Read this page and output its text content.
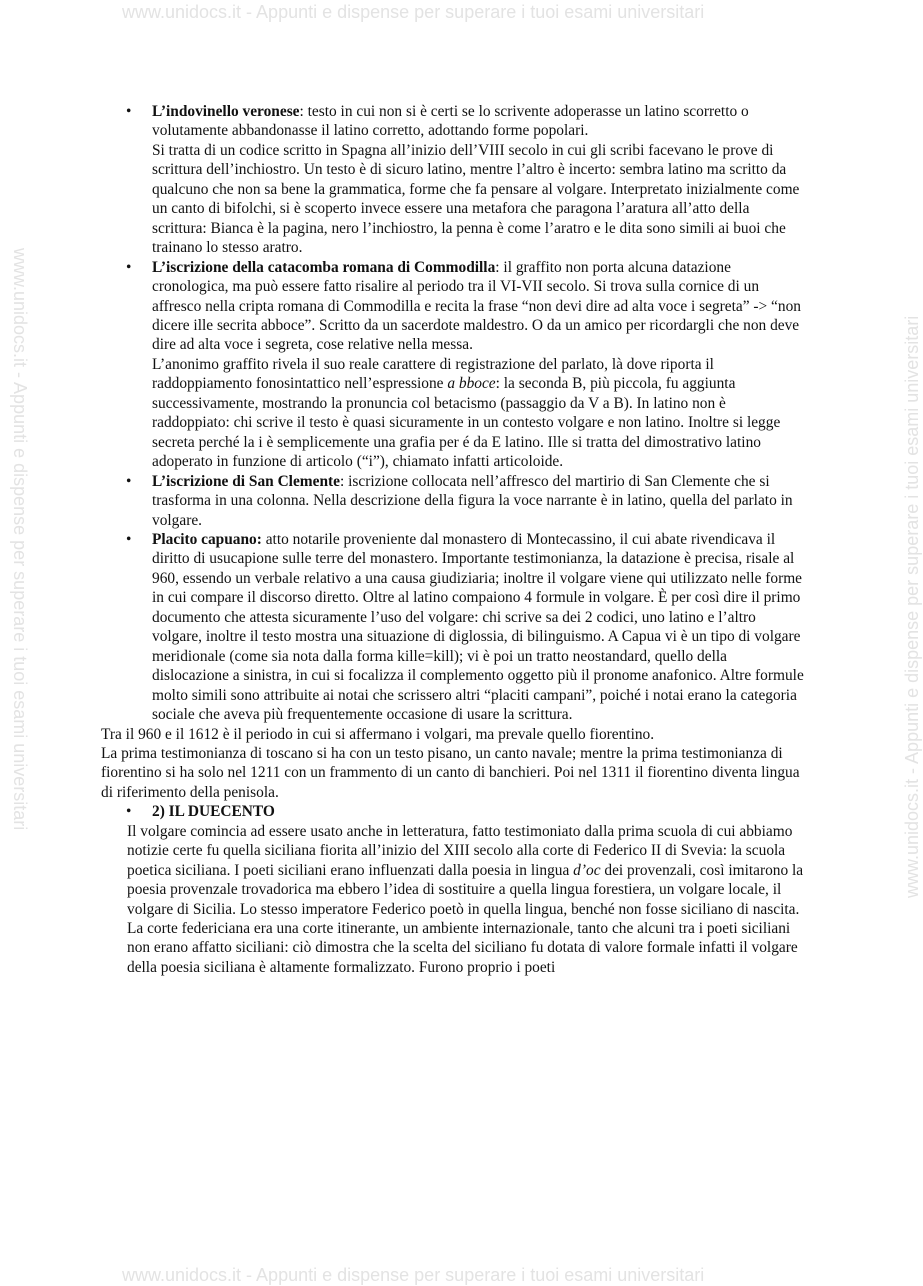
www.unidocs.it - Appunti e dispense per superare i tuoi esami universitari
www.unidocs.it - Appunti e dispense per superare i tuoi esami universitari
www.unidocs.it - Appunti e dispense per superare i tuoi esami universitari	www.unidocs.it - Appunti e dispense per superare i tuoi esami universitari
• L’indovinello veronese: testo in cui non si è certi se lo scrivente adoperasse un latino scorretto o volutamente abbandonasse il latino corretto, adottando forme popolari.
Si tratta di un codice scritto in Spagna all’inizio dell’VIII secolo in cui gli scribi facevano le prove di scrittura dell’inchiostro. Un testo è di sicuro latino, mentre l’altro è incerto: sembra latino ma scritto da qualcuno che non sa bene la grammatica, forme che fa pensare al volgare. Interpretato inizialmente come un canto di bifolchi, si è scoperto invece essere una metafora che paragona l’aratura all’atto della scrittura: Bianca è la pagina, nero l’inchiostro, la penna è come l’aratro e le dita sono simili ai buoi che trainano lo stesso aratro.
• L’iscrizione della catacomba romana di Commodilla: il graffito non porta alcuna datazione cronologica, ma può essere fatto risalire al periodo tra il VI-VII secolo. Si trova sulla cornice di un affresco nella cripta romana di Commodilla e recita la frase “non devi dire ad alta voce i segreta” -> “non dicere ille secrita abboce”. Scritto da un sacerdote maldestro. O da un amico per ricordargli che non deve dire ad alta voce i segreta, cose relative nella messa.
L’anonimo graffito rivela il suo reale carattere di registrazione del parlato, là dove riporta il raddoppiamento fonosintattico nell’espressione a bboce: la seconda B, più piccola, fu aggiunta successivamente, mostrando la pronuncia col betacismo (passaggio da V a B). In latino non è raddoppiato: chi scrive il testo è quasi sicuramente in un contesto volgare e non latino. Inoltre si legge secreta perché la i è semplicemente una grafia per é da E latino. Ille si tratta del dimostrativo latino adoperato in funzione di articolo (“i”), chiamato infatti articoloide.
• L’iscrizione di San Clemente: iscrizione collocata nell’affresco del martirio di San Clemente che si trasforma in una colonna. Nella descrizione della figura la voce narrante è in latino, quella del parlato in volgare.
• Placito capuano: atto notarile proveniente dal monastero di Montecassino, il cui abate rivendicava il diritto di usucapione sulle terre del monastero. Importante testimonianza, la datazione è precisa, risale al 960, essendo un verbale relativo a una causa giudiziaria; inoltre il volgare viene qui utilizzato nelle forme in cui compare il discorso diretto. Oltre al latino compaiono 4 formule in volgare. È per così dire il primo documento che attesta sicuramente l’uso del volgare: chi scrive sa dei 2 codici, uno latino e l’altro volgare, inoltre il testo mostra una situazione di diglossia, di bilinguismo. A Capua vi è un tipo di volgare meridionale (come sia nota dalla forma kille=kill); vi è poi un tratto neostandard, quello della dislocazione a sinistra, in cui si focalizza il complemento oggetto più il pronome anafonico. Altre formule molto simili sono attribuite ai notai che scrissero altri “placiti campani”, poiché i notai erano la categoria sociale che aveva più frequentemente occasione di usare la scrittura.
Tra il 960 e il 1612 è il periodo in cui si affermano i volgari, ma prevale quello fiorentino.
La prima testimonianza di toscano si ha con un testo pisano, un canto navale; mentre la prima testimonianza di fiorentino si ha solo nel 1211 con un frammento di un canto di banchieri. Poi nel 1311 il fiorentino diventa lingua di riferimento della penisola.
• 2) IL DUECENTO
Il volgare comincia ad essere usato anche in letteratura, fatto testimoniato dalla prima scuola di cui abbiamo notizie certe fu quella siciliana fiorita all’inizio del XIII secolo alla corte di Federico II di Svevia: la scuola poetica siciliana. I poeti siciliani erano influenzati dalla poesia in lingua d’oc dei provenzali, così imitarono la poesia provenzale trovadorica ma ebbero l’idea di sostituire a quella lingua forestiera, un volgare locale, il volgare di Sicilia. Lo stesso imperatore Federico poetò in quella lingua, benché non fosse siciliano di nascita. La corte federiciana era una corte itinerante, un ambiente internazionale, tanto che alcuni tra i poeti siciliani non erano affatto siciliani: ciò dimostra che la scelta del siciliano fu dotata di valore formale infatti il volgare della poesia siciliana è altamente formalizzato. Furono proprio i poeti
